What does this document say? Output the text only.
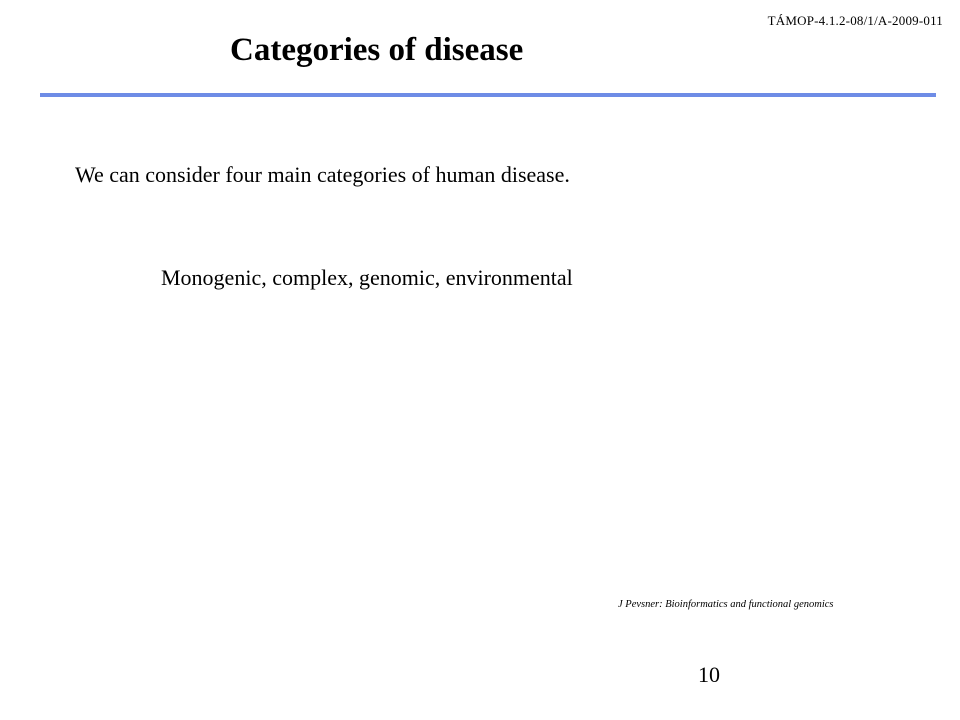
TÁMOP-4.1.2-08/1/A-2009-011
Categories of disease

We can consider four main categories of human disease.

Monogenic, complex, genomic, environmental

J Pevsner: Bioinformatics and functional genomics
10
